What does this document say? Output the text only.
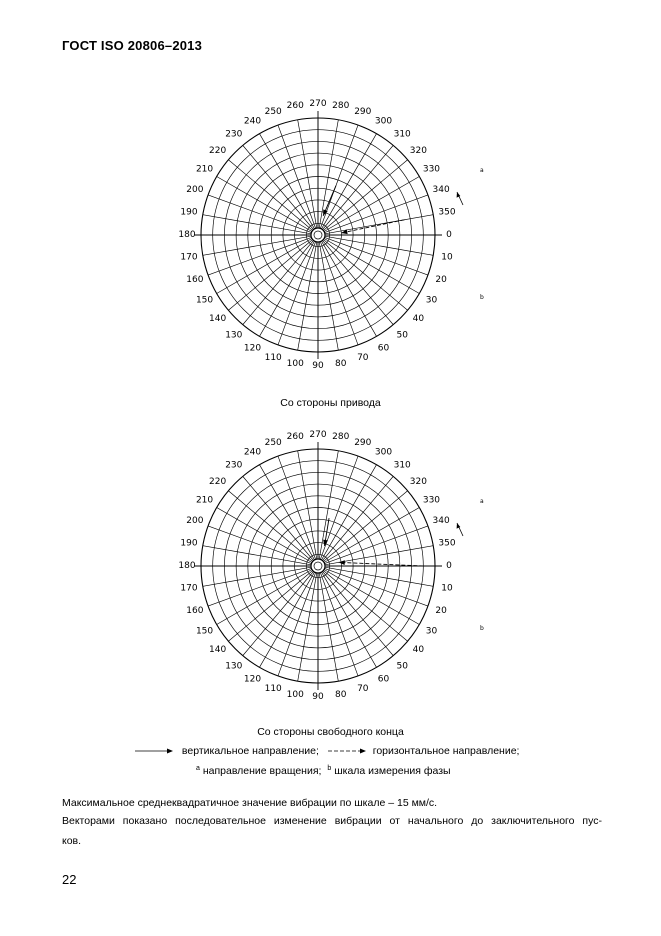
ГОСТ ISO 20806–2013
0
10
20
30
40
50
60
70
80
90
100
110
120
130
140
150
160
170
180
190
200
210
220
230
240
250
260 270 280
290
300
310
320
330
340
350
a
b
Со стороны привода
0
10
20
30
40
50
60
70
80
90
100
110
120
130
140
150
160
170
180
190
200
210
220
230
240
250
260 270 280
290
300
310
320
330
340
350
a
b
Со стороны свободного конца
вертикальное направление;	горизонтальное направление;
$^a$ направление вращения; $^b$ шкала измерения фазы
Максимальное среднеквадратичное значение вибрации по шкале – 15 мм/с.
Векторами показано последовательное изменение вибрации от начального до заключительного пус-
ков.
22
